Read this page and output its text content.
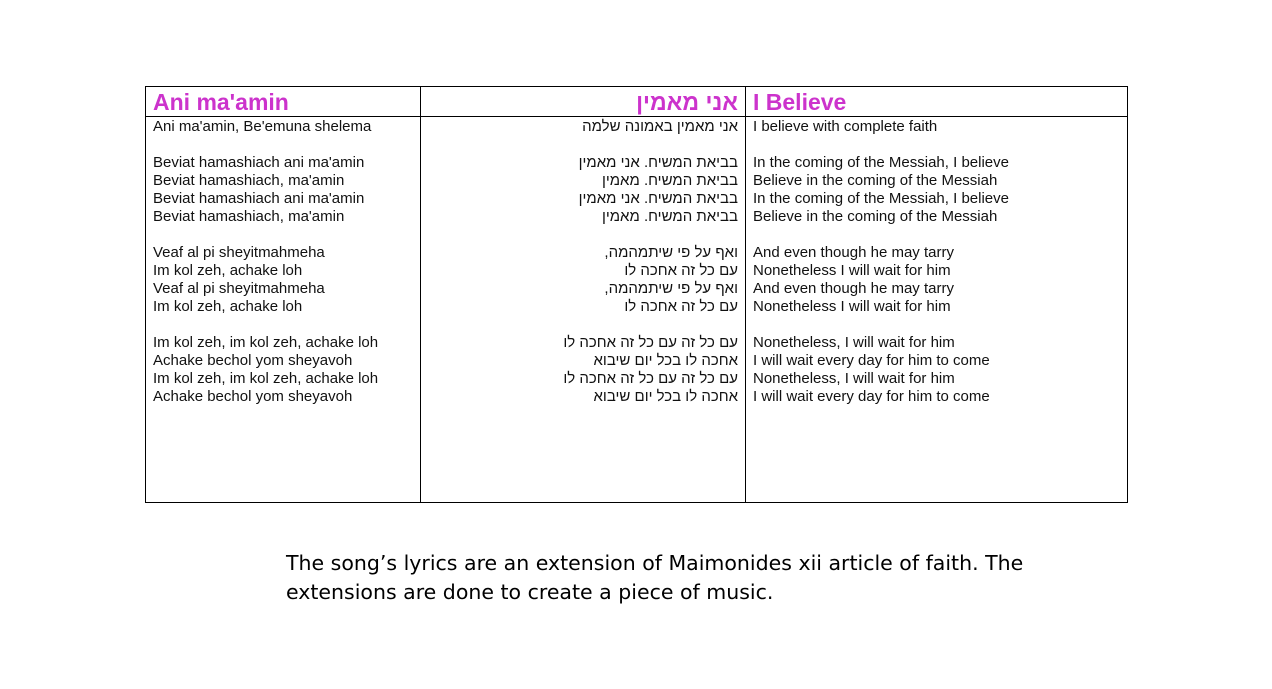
Ani ma'amin
Ani ma'amin, Be'emuna shelema
Beviat hamashiach ani ma'amin
Beviat hamashiach, ma'amin
Beviat hamashiach ani ma'amin
Beviat hamashiach, ma'amin
Veaf al pi sheyitmahmeha
Im kol zeh, achake loh
Veaf al pi sheyitmahmeha
Im kol zeh, achake loh
Im kol zeh, im kol zeh, achake loh
Achake bechol yom sheyavoh
Im kol zeh, im kol zeh, achake loh
Achake bechol yom sheyavoh
אני מאמין
אני מאמין באמונה שלמה
בביאת המשיח. אני מאמין
בביאת המשיח. מאמין
בביאת המשיח. אני מאמין
בביאת המשיח. מאמין
ואף על פי שיתמהמה,
עם כל זה אחכה לו
ואף על פי שיתמהמה,
עם כל זה אחכה לו
עם כל זה עם כל זה אחכה לו
אחכה לו בכל יום שיבוא
עם כל זה עם כל זה אחכה לו
אחכה לו בכל יום שיבוא
I Believe
I believe with complete faith
In the coming of the Messiah, I believe
Believe in the coming of the Messiah
In the coming of the Messiah, I believe
Believe in the coming of the Messiah
And even though he may tarry
Nonetheless I will wait for him
And even though he may tarry
Nonetheless I will wait for him
Nonetheless, I will wait for him
I will wait every day for him to come
Nonetheless, I will wait for him
I will wait every day for him to come

The song’s lyrics are an extension of Maimonides xii article of faith. The extensions are done to create a piece of music.
